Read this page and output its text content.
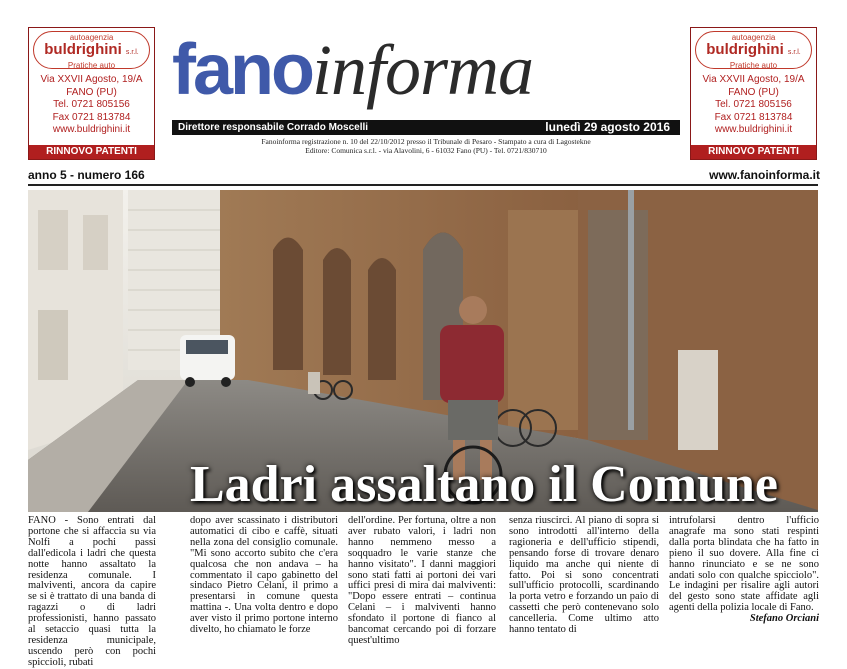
autoagenzia
buldrighini s.r.l.
Pratiche auto
Via XXVII Agosto, 19/A
FANO (PU)
Tel. 0721 805156
Fax 0721 813784
www.buldrighini.it
RINNOVO PATENTI
autoagenzia
buldrighini s.r.l.
Pratiche auto
Via XXVII Agosto, 19/A
FANO (PU)
Tel. 0721 805156
Fax 0721 813784
www.buldrighini.it
RINNOVO PATENTI
fanoinforma
Direttore responsabile Corrado Moscelli	lunedì 29 agosto 2016
Fanoinforma registrazione n. 10 del 22/10/2012 presso il Tribunale di Pesaro - Stampato a cura di Lagostekne
Editore: Comunica s.r.l. - via Alavolini, 6 - 61032 Fano (PU) - Tel. 0721/830710
anno 5 - numero 166	www.fanoinforma.it
Ladri assaltano il Comune

FANO - Sono entrati dal portone che si affaccia su via Nolfi a pochi passi dall'edicola i ladri che questa notte hanno assaltato la residenza comunale. I malviventi, ancora da capire se si è trattato di una banda di ragazzi o di ladri professionisti, hanno passato al setaccio quasi tutta la residenza municipale, uscendo però con pochi spiccioli, rubati

dopo aver scassinato i distributori automatici di cibo e caffè, situati nella zona del consiglio comunale. "Mi sono accorto subito che c'era qualcosa che non andava – ha commentato il capo gabinetto del sindaco Pietro Celani, il primo a presentarsi in comune questa mattina -. Una volta dentro e dopo aver visto il primo portone interno divelto, ho chiamato le forze

dell'ordine. Per fortuna, oltre a non aver rubato valori, i ladri non hanno nemmeno messo a soqquadro le varie stanze che hanno visitato". I danni maggiori sono stati fatti ai portoni dei vari uffici presi di mira dai malviventi: "Dopo essere entrati – continua Celani – i malviventi hanno sfondato il portone di fianco al bancomat cercando poi di forzare quest'ultimo

senza riuscirci. Al piano di sopra si sono introdotti all'interno della ragioneria e dell'ufficio stipendi, pensando forse di trovare denaro liquido ma anche qui niente di fatto. Poi si sono concentrati sull'ufficio protocolli, scardinando la porta vetro e forzando un paio di cassetti che però contenevano solo cancelleria. Come ultimo atto hanno tentato di

intrufolarsi dentro l'ufficio anagrafe ma sono stati respinti dalla porta blindata che ha fatto in pieno il suo dovere. Alla fine ci hanno rinunciato e se ne sono andati solo con qualche spicciolo". Le indagini per risalire agli autori del gesto sono state affidate agli agenti della polizia locale di Fano.

Stefano Orciani
